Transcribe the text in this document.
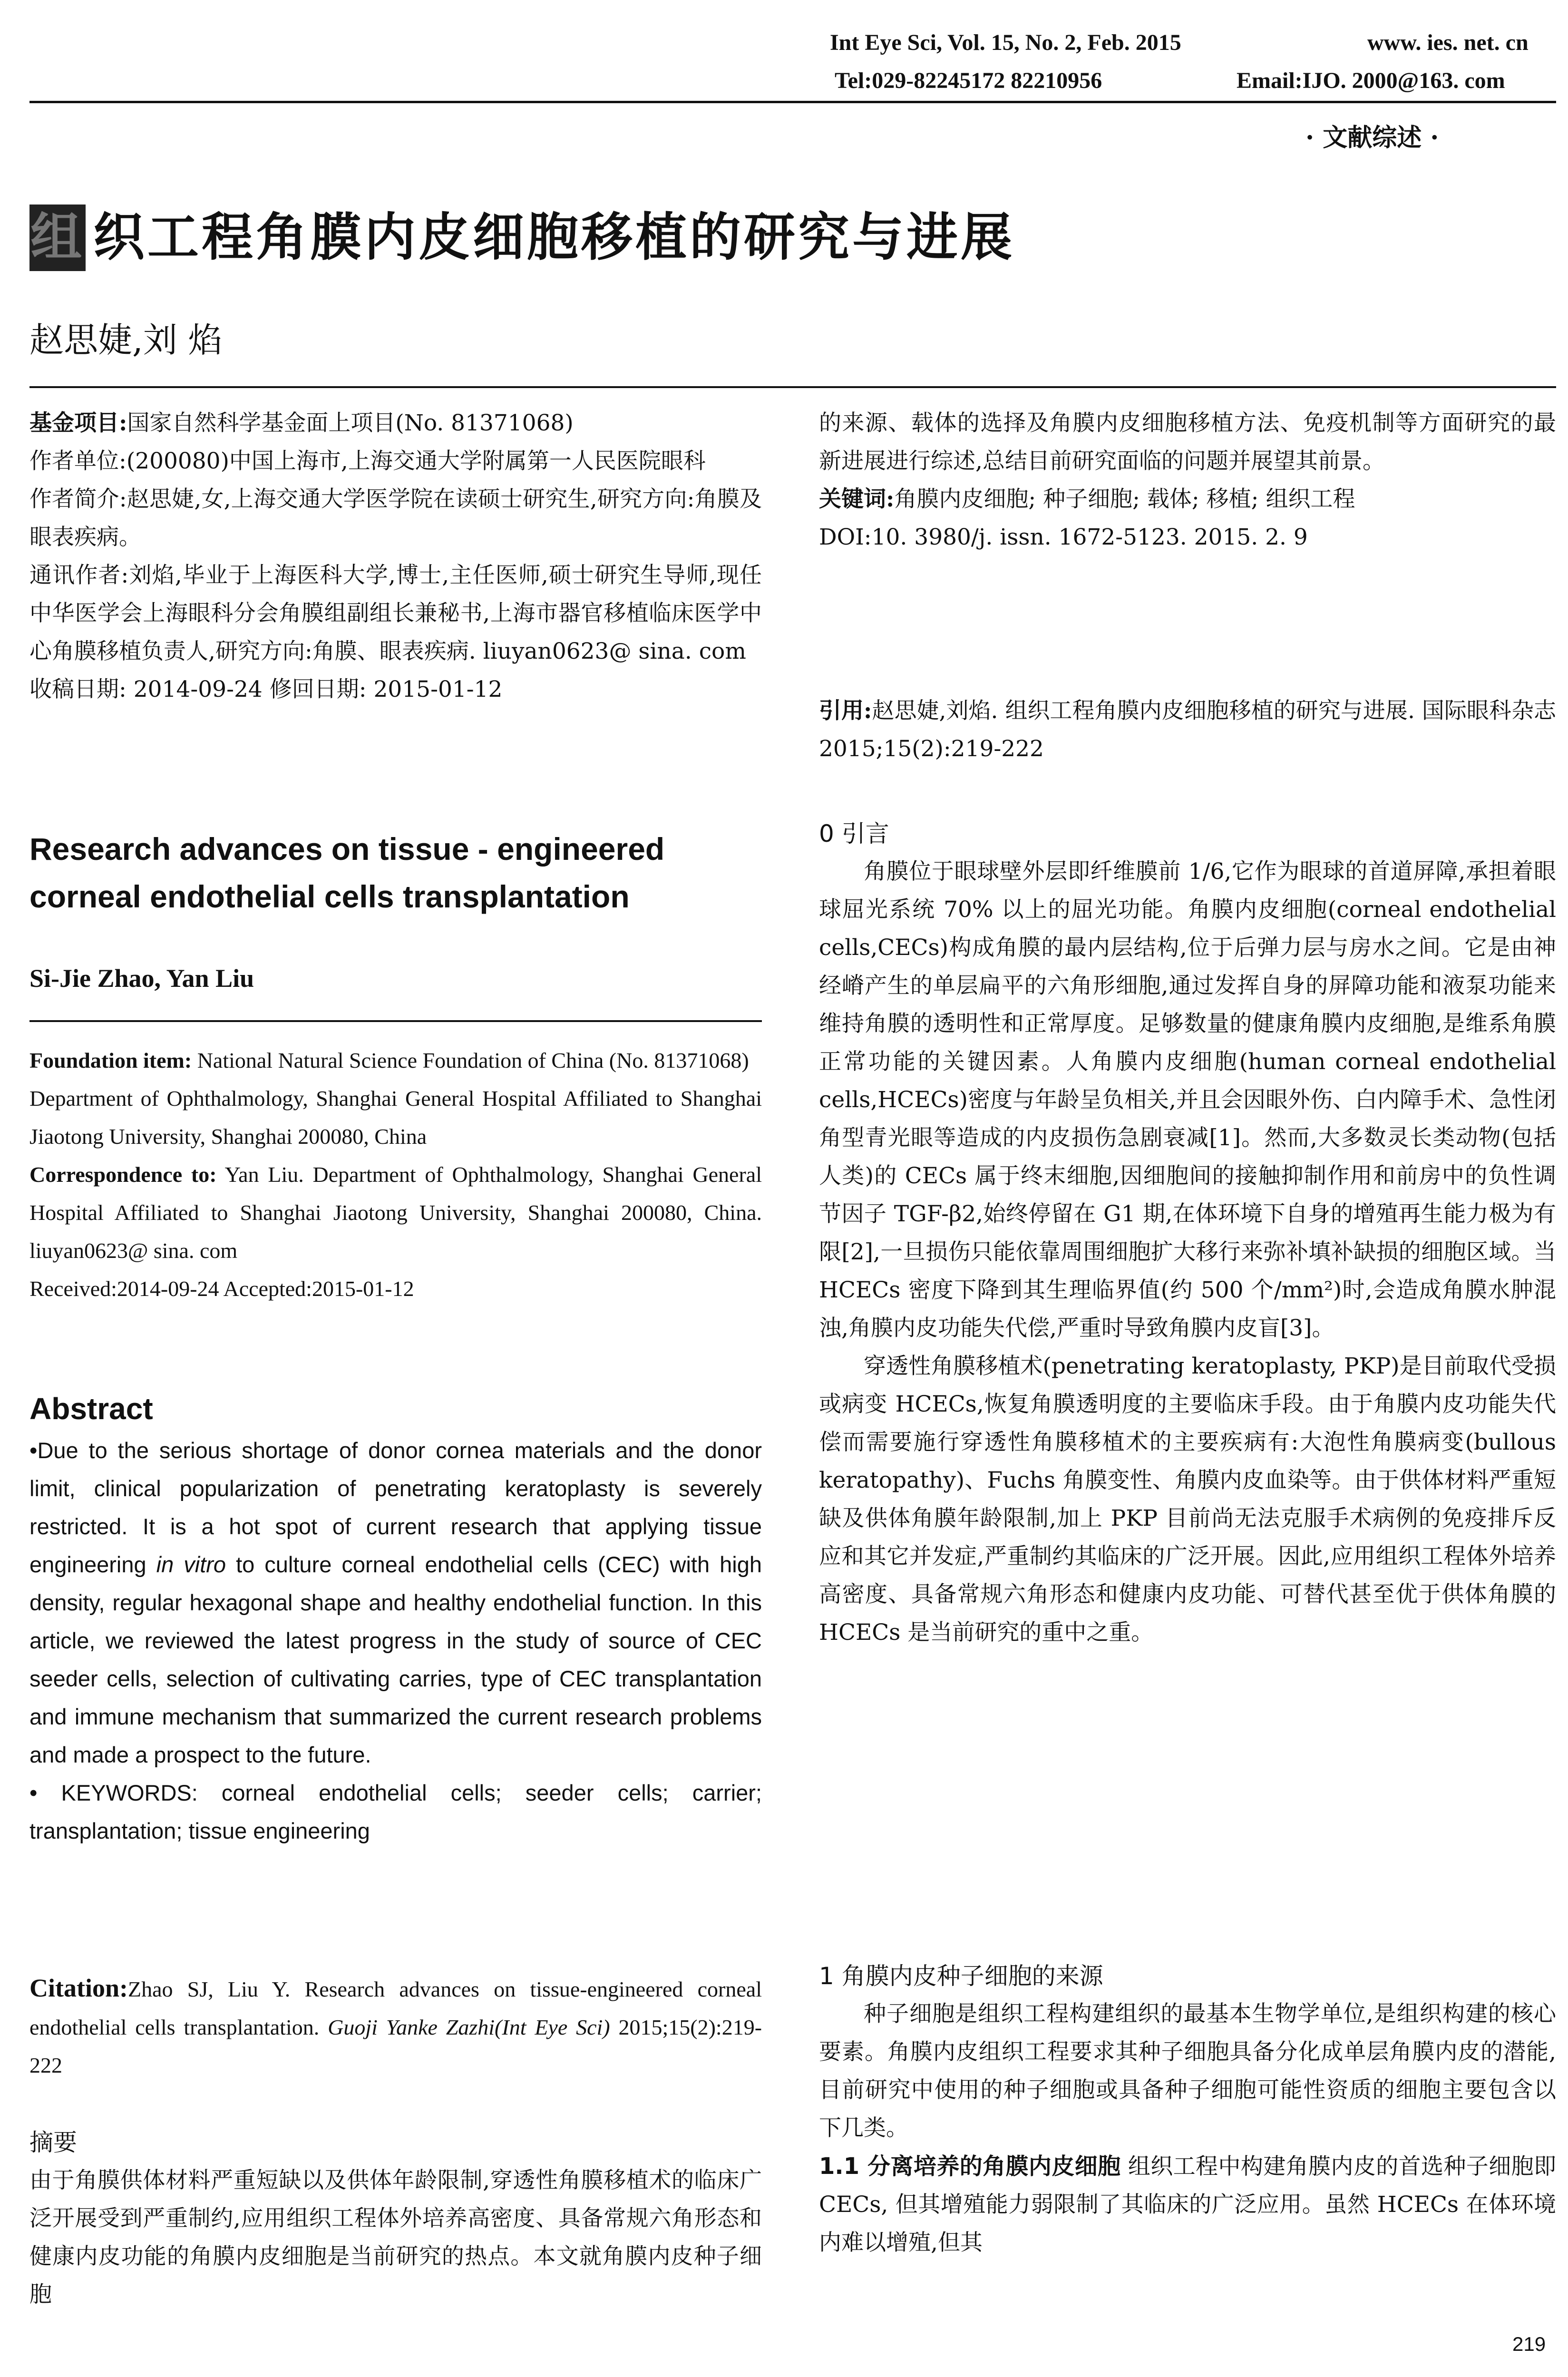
Int Eye Sci, Vol. 15, No. 2, Feb. 2015	www. ies. net. cn
Tel:029-82245172 82210956	Email:IJO. 2000@163. com
· 文献综述 ·
组 织工程角膜内皮细胞移植的研究与进展
赵思婕,刘 焰

基金项目:国家自然科学基金面上项目(No. 81371068)

作者单位:(200080)中国上海市,上海交通大学附属第一人民医院眼科

作者简介:赵思婕,女,上海交通大学医学院在读硕士研究生,研究方向:角膜及眼表疾病。

通讯作者:刘焰,毕业于上海医科大学,博士,主任医师,硕士研究生导师,现任中华医学会上海眼科分会角膜组副组长兼秘书,上海市器官移植临床医学中心角膜移植负责人,研究方向:角膜、眼表疾病. liuyan0623@ sina. com

收稿日期: 2014-09-24 修回日期: 2015-01-12

Research advances on tissue - engineered corneal endothelial cells transplantation
Si-Jie Zhao, Yan Liu
Foundation item: National Natural Science Foundation of China (No. 81371068)
Department of Ophthalmology, Shanghai General Hospital Affiliated to Shanghai Jiaotong University, Shanghai 200080, China
Correspondence to: Yan Liu. Department of Ophthalmology, Shanghai General Hospital Affiliated to Shanghai Jiaotong University, Shanghai 200080, China. liuyan0623@ sina. com
Received:2014-09-24 Accepted:2015-01-12
Abstract
•Due to the serious shortage of donor cornea materials and the donor limit, clinical popularization of penetrating keratoplasty is severely restricted. It is a hot spot of current research that applying tissue engineering in vitro to culture corneal endothelial cells (CEC) with high density, regular hexagonal shape and healthy endothelial function. In this article, we reviewed the latest progress in the study of source of CEC seeder cells, selection of cultivating carries, type of CEC transplantation and immune mechanism that summarized the current research problems and made a prospect to the future.
• KEYWORDS: corneal endothelial cells; seeder cells; carrier; transplantation; tissue engineering
Citation:Zhao SJ, Liu Y. Research advances on tissue-engineered corneal endothelial cells transplantation. Guoji Yanke Zazhi(Int Eye Sci) 2015;15(2):219-222
摘要
由于角膜供体材料严重短缺以及供体年龄限制,穿透性角膜移植术的临床广泛开展受到严重制约,应用组织工程体外培养高密度、具备常规六角形态和健康内皮功能的角膜内皮细胞是当前研究的热点。本文就角膜内皮种子细胞

的来源、载体的选择及角膜内皮细胞移植方法、免疫机制等方面研究的最新进展进行综述,总结目前研究面临的问题并展望其前景。

关键词:角膜内皮细胞; 种子细胞; 载体; 移植; 组织工程

DOI:10. 3980/j. issn. 1672-5123. 2015. 2. 9

引用:赵思婕,刘焰. 组织工程角膜内皮细胞移植的研究与进展. 国际眼科杂志 2015;15(2):219-222
0 引言

角膜位于眼球壁外层即纤维膜前 1/6,它作为眼球的首道屏障,承担着眼球屈光系统 70% 以上的屈光功能。角膜内皮细胞(corneal endothelial cells,CECs)构成角膜的最内层结构,位于后弹力层与房水之间。它是由神经嵴产生的单层扁平的六角形细胞,通过发挥自身的屏障功能和液泵功能来维持角膜的透明性和正常厚度。足够数量的健康角膜内皮细胞,是维系角膜正常功能的关键因素。人角膜内皮细胞(human corneal endothelial cells,HCECs)密度与年龄呈负相关,并且会因眼外伤、白内障手术、急性闭角型青光眼等造成的内皮损伤急剧衰减[1]。然而,大多数灵长类动物(包括人类)的 CECs 属于终末细胞,因细胞间的接触抑制作用和前房中的负性调节因子 TGF-β2,始终停留在 G1 期,在体环境下自身的增殖再生能力极为有限[2],一旦损伤只能依靠周围细胞扩大移行来弥补填补缺损的细胞区域。当 HCECs 密度下降到其生理临界值(约 500 个/mm²)时,会造成角膜水肿混浊,角膜内皮功能失代偿,严重时导致角膜内皮盲[3]。

穿透性角膜移植术(penetrating keratoplasty, PKP)是目前取代受损或病变 HCECs,恢复角膜透明度的主要临床手段。由于角膜内皮功能失代偿而需要施行穿透性角膜移植术的主要疾病有:大泡性角膜病变(bullous keratopathy)、Fuchs 角膜变性、角膜内皮血染等。由于供体材料严重短缺及供体角膜年龄限制,加上 PKP 目前尚无法克服手术病例的免疫排斥反应和其它并发症,严重制约其临床的广泛开展。因此,应用组织工程体外培养高密度、具备常规六角形态和健康内皮功能、可替代甚至优于供体角膜的 HCECs 是当前研究的重中之重。

1 角膜内皮种子细胞的来源

种子细胞是组织工程构建组织的最基本生物学单位,是组织构建的核心要素。角膜内皮组织工程要求其种子细胞具备分化成单层角膜内皮的潜能,目前研究中使用的种子细胞或具备种子细胞可能性资质的细胞主要包含以下几类。

1.1 分离培养的角膜内皮细胞 组织工程中构建角膜内皮的首选种子细胞即 CECs, 但其增殖能力弱限制了其临床的广泛应用。虽然 HCECs 在体环境内难以增殖,但其

219
